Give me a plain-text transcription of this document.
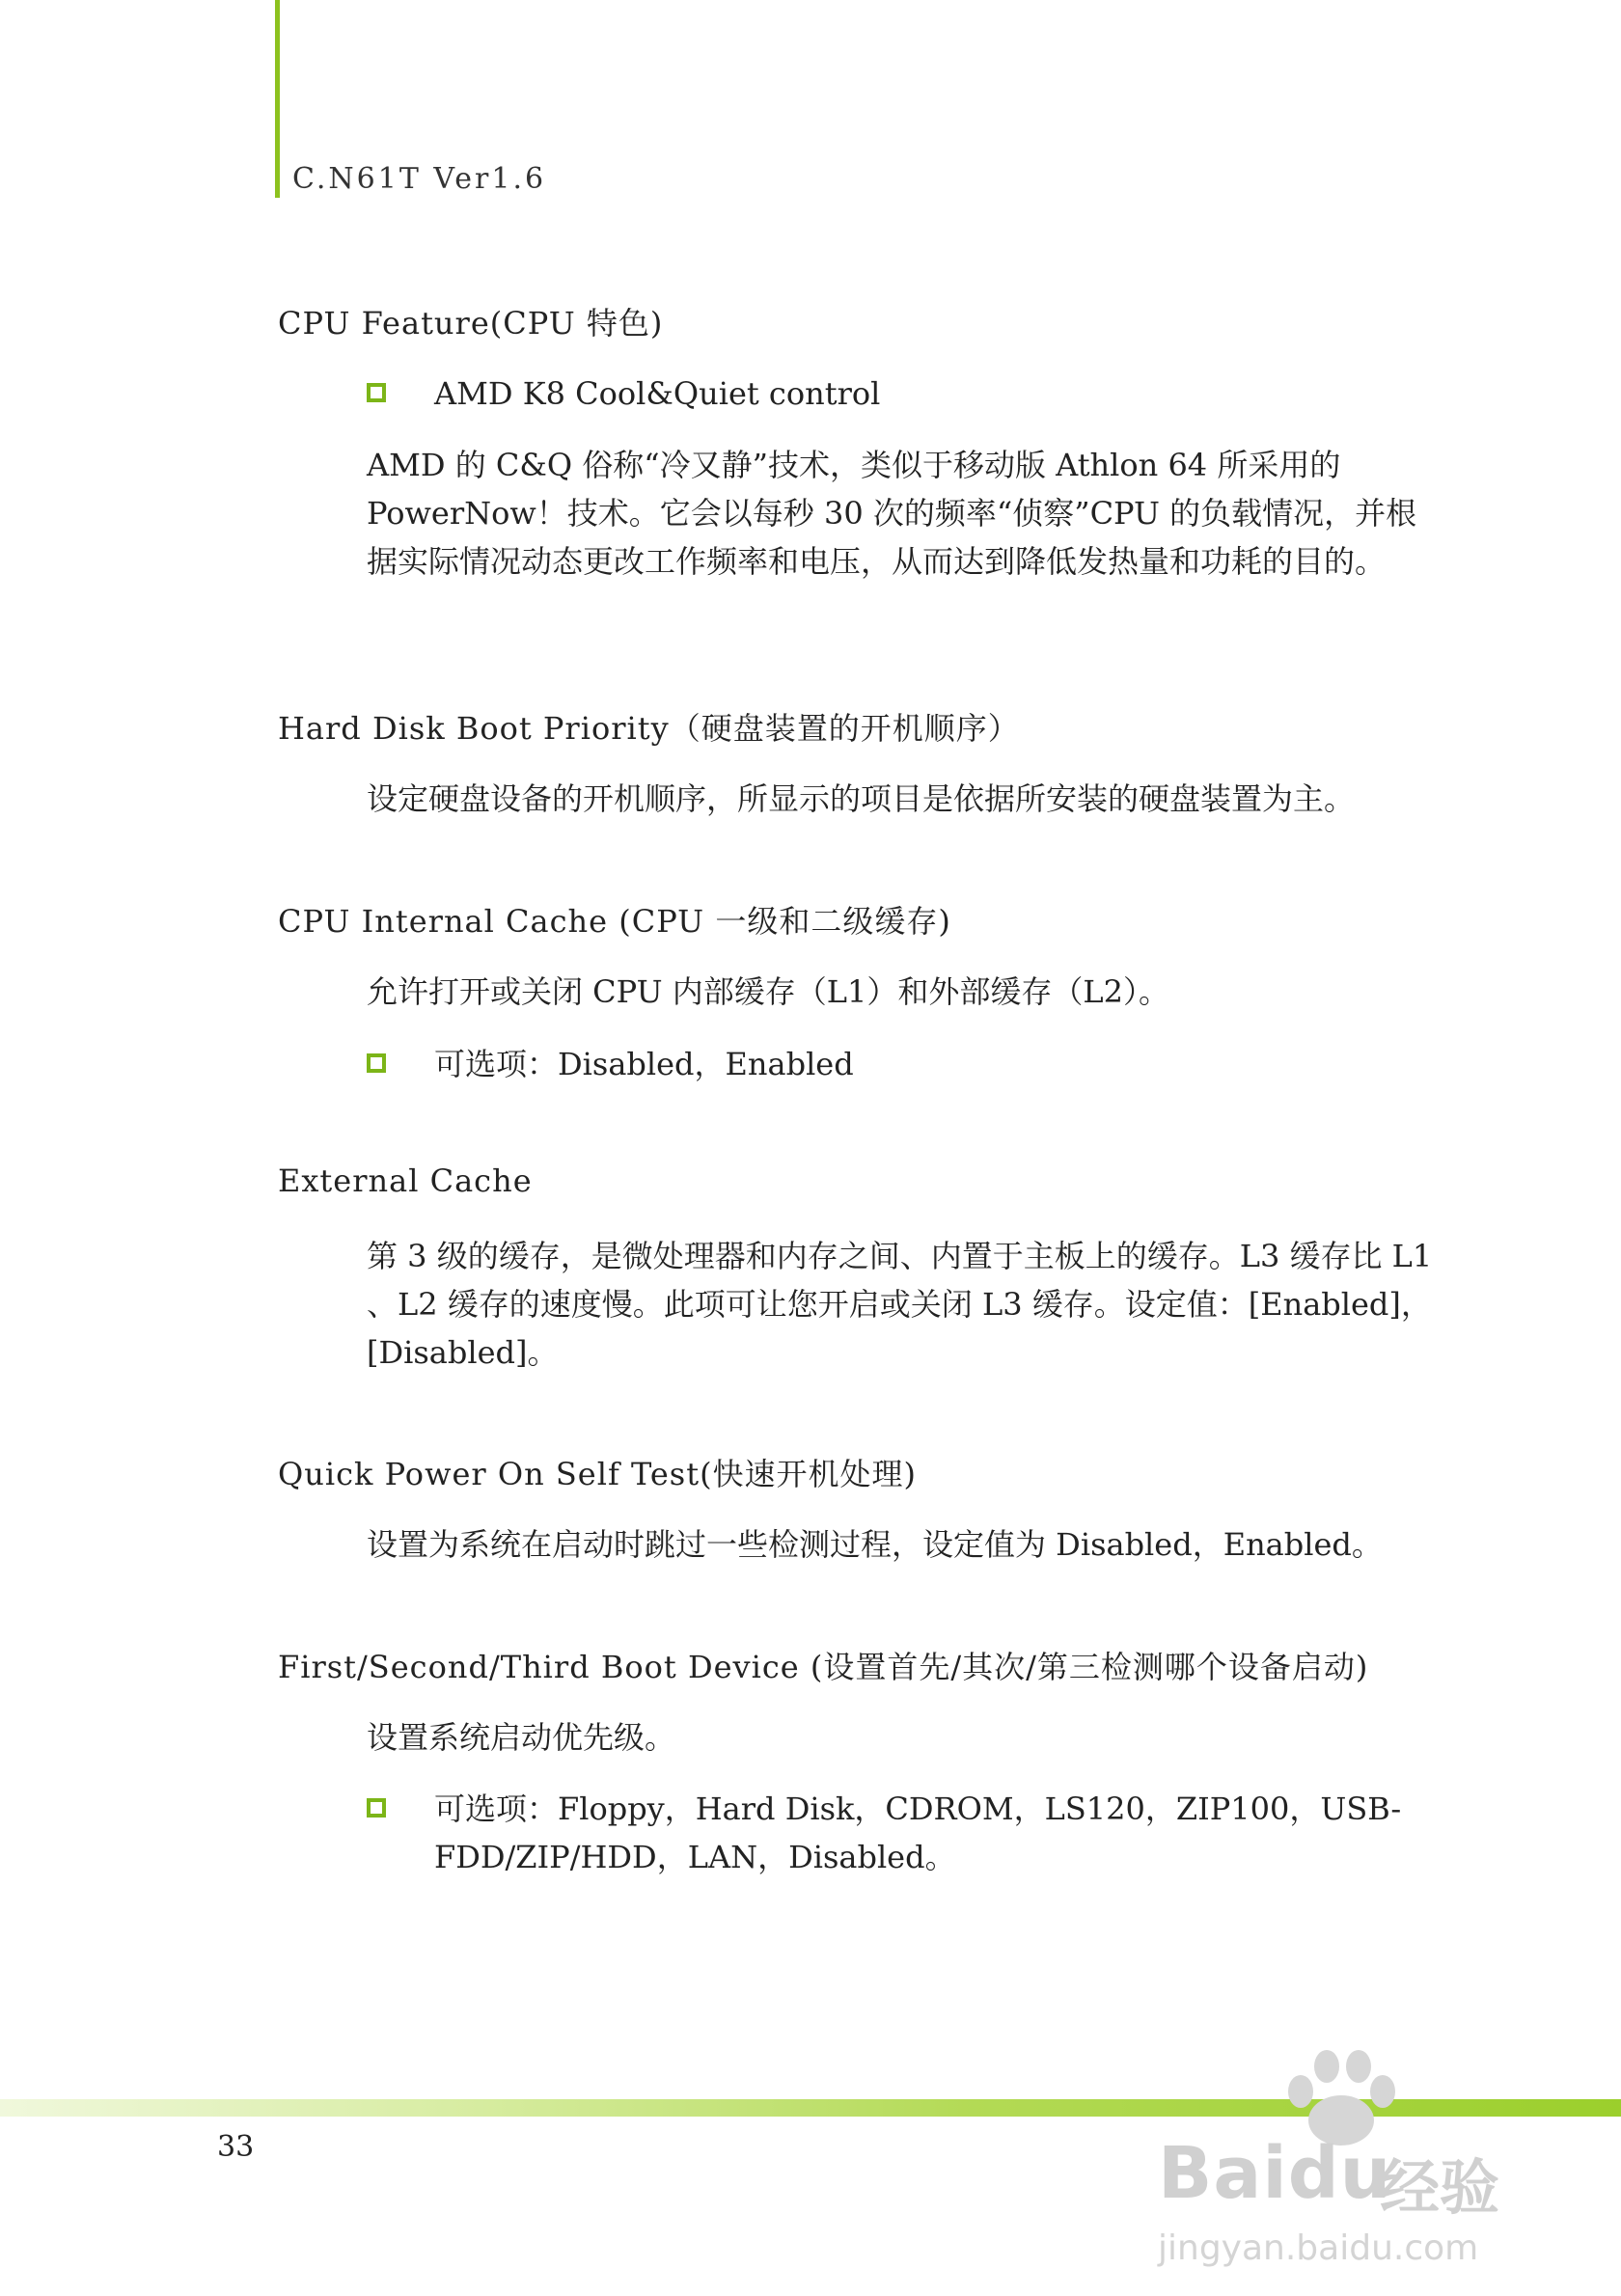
C.N61T Ver1.6
CPU Feature(CPU 特色)
AMD K8 Cool&Quiet control
AMD 的 C&Q 俗称“冷又静”技术，类似于移动版 Athlon 64 所采用的 PowerNow！技术。它会以每秒 30 次的频率“侦察”CPU 的负载情况，并根据实际情况动态更改工作频率和电压，从而达到降低发热量和功耗的目的。
Hard Disk Boot Priority（硬盘装置的开机顺序）
设定硬盘设备的开机顺序，所显示的项目是依据所安装的硬盘装置为主。
CPU Internal Cache (CPU 一级和二级缓存)
允许打开或关闭 CPU 内部缓存（L1）和外部缓存（L2）。
可选项：Disabled，Enabled
External Cache
第 3 级的缓存，是微处理器和内存之间、内置于主板上的缓存。L3 缓存比 L1 、L2 缓存的速度慢。此项可让您开启或关闭 L3 缓存。设定值：[Enabled]，[Disabled]。
Quick Power On Self Test(快速开机处理)
设置为系统在启动时跳过一些检测过程，设定值为 Disabled，Enabled。
First/Second/Third Boot Device (设置首先/其次/第三检测哪个设备启动)
设置系统启动优先级。
可选项：Floppy，Hard Disk，CDROM，LS120，ZIP100，USB-FDD/ZIP/HDD，LAN，Disabled。
33	Baidu
经验
jingyan.baidu.com
